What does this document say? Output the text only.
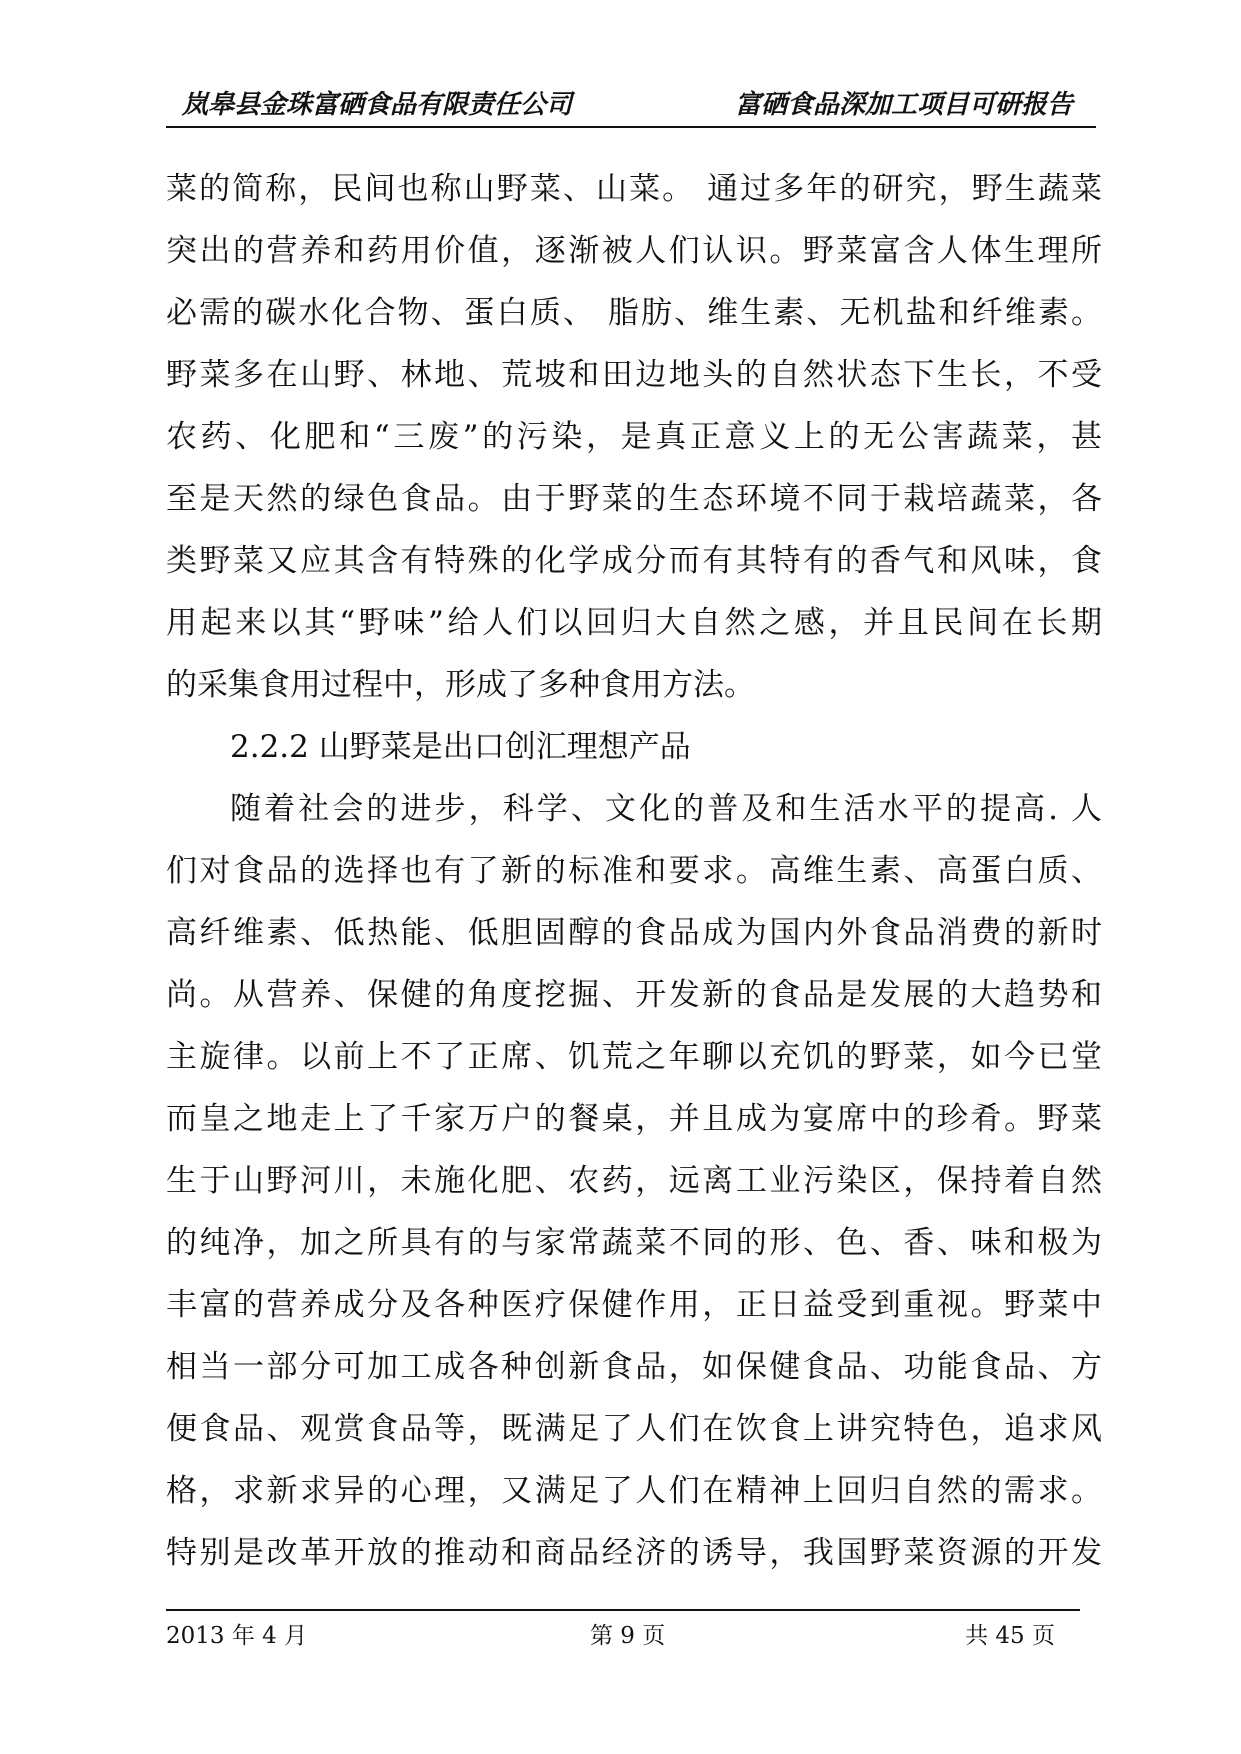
岚皋县金珠富硒食品有限责任公司	富硒食品深加工项目可研报告
菜的简称，民间也称山野菜、山菜。 通过多年的研究，野生蔬菜
突出的营养和药用价值，逐渐被人们认识。野菜富含人体生理所
必需的碳水化合物、蛋白质、 脂肪、维生素、无机盐和纤维素。
野菜多在山野、林地、荒坡和田边地头的自然状态下生长，不受
农药、化肥和“三废”的污染，是真正意义上的无公害蔬菜，甚
至是天然的绿色食品。由于野菜的生态环境不同于栽培蔬菜，各
类野菜又应其含有特殊的化学成分而有其特有的香气和风味，食
用起来以其“野味”给人们以回归大自然之感，并且民间在长期
的采集食用过程中，形成了多种食用方法。
2.2.2 山野菜是出口创汇理想产品
随着社会的进步，科学、文化的普及和生活水平的提高. 人
们对食品的选择也有了新的标准和要求。高维生素、高蛋白质、
高纤维素、低热能、低胆固醇的食品成为国内外食品消费的新时
尚。从营养、保健的角度挖掘、开发新的食品是发展的大趋势和
主旋律。以前上不了正席、饥荒之年聊以充饥的野菜，如今已堂
而皇之地走上了千家万户的餐桌，并且成为宴席中的珍肴。野菜
生于山野河川，未施化肥、农药，远离工业污染区，保持着自然
的纯净，加之所具有的与家常蔬菜不同的形、色、香、味和极为
丰富的营养成分及各种医疗保健作用，正日益受到重视。野菜中
相当一部分可加工成各种创新食品，如保健食品、功能食品、方
便食品、观赏食品等，既满足了人们在饮食上讲究特色，追求风
格，求新求异的心理，又满足了人们在精神上回归自然的需求。
特别是改革开放的推动和商品经济的诱导，我国野菜资源的开发
2013 年 4 月	第 9 页	共 45 页
